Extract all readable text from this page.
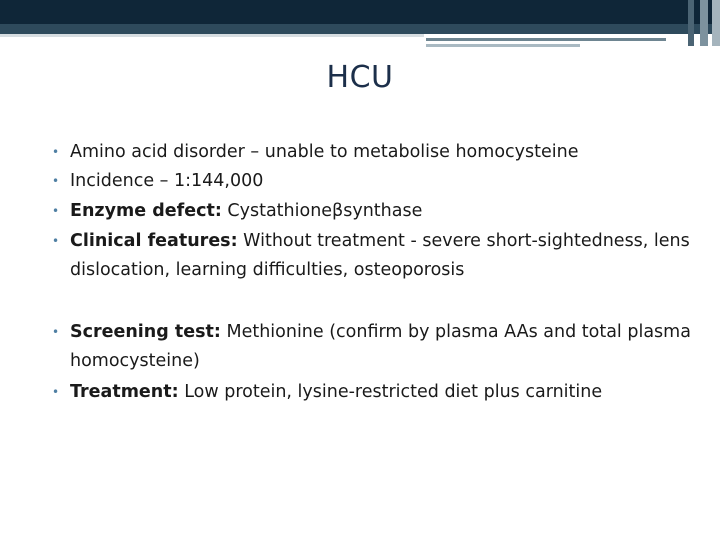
HCU
• Amino acid disorder – unable to metabolise homocysteine
• Incidence – 1:144,000
• Enzyme defect: Cystathioneβsynthase
• Clinical features: Without treatment - severe short-sightedness, lens dislocation, learning difficulties, osteoporosis
• Screening test: Methionine (confirm by plasma AAs and total plasma homocysteine)
• Treatment: Low protein, lysine-restricted diet plus carnitine
